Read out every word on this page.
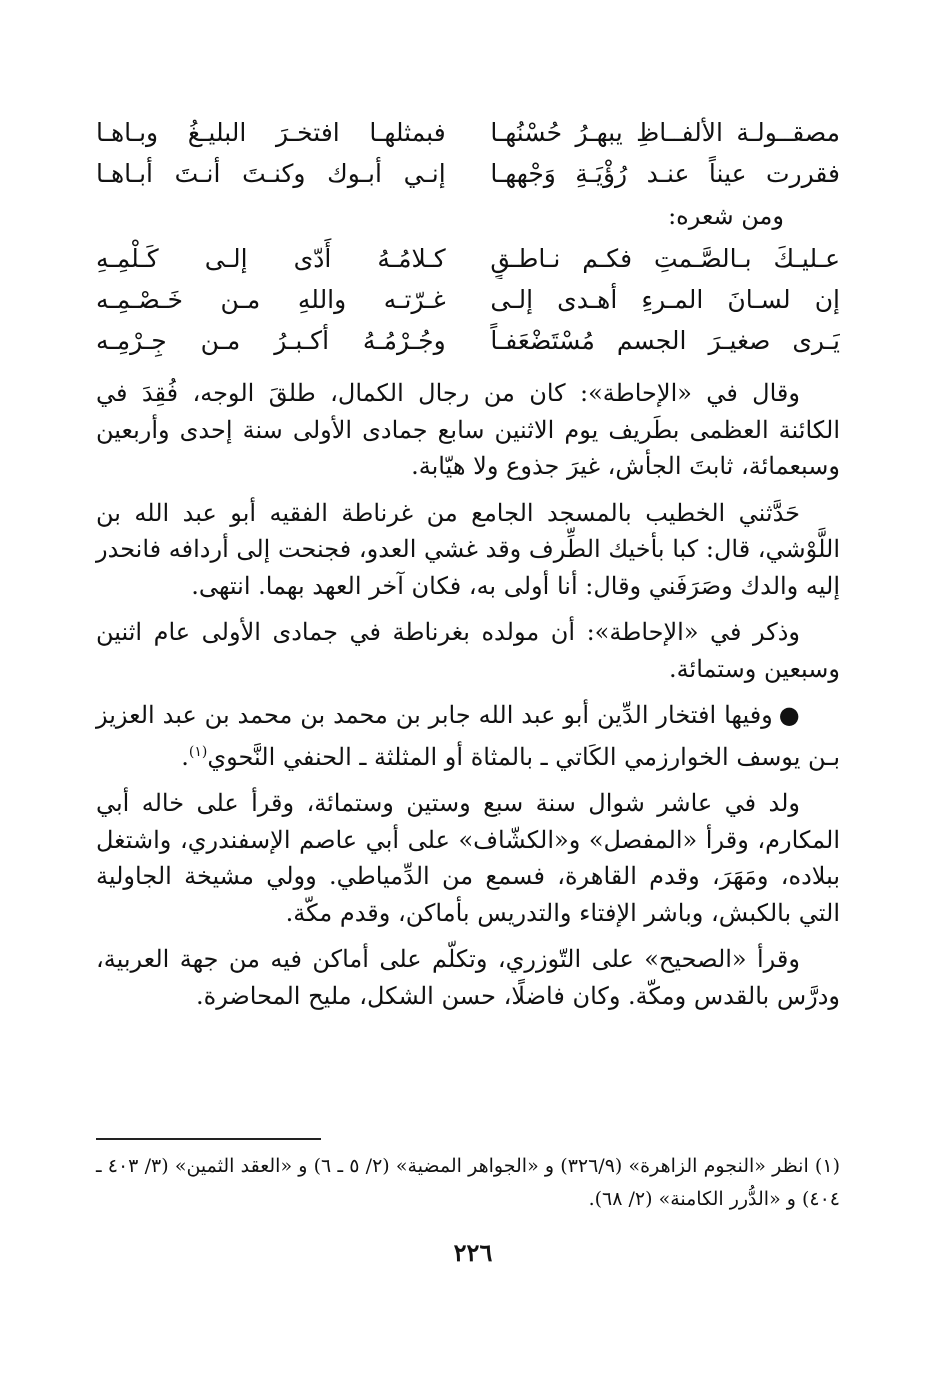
مصقــولـة الألفــاظِ يبهـرُ حُسْنُهـا
فبمثلهـا افتخـرَ البليـغُ وبـاهـا
فقررت عيناً عنـد رُؤْيَـةِ وَجْههـا
إنـي أبـوك وكنـتَ أنـتَ أبـاهـا
ومن شعره:
عـليـكَ بـالصَّـمتِ فكـم نـاطـقٍ
كـلامُـهُ أَدّى إلـى كَـلْمِـهِ
إن لسـانَ المـرءِ أهـدى إلـى
غـرّتـه واللهِ مـن خَـصْـمِـه
يَـرى صغيـرَ الجسم مُسْتَضْعَفـاً
وجُـرْمُـهُ أكـبـرُ مـن جِـرْمِـه

وقال في «الإحاطة»: كان من رجال الكمال، طلقَ الوجه، فُقِدَ في الكائنة العظمى بطَريف يوم الاثنين سابع جمادى الأولى سنة إحدى وأربعين وسبعمائة، ثابتَ الجأش، غيرَ جذوع ولا هيّابة.

حَدَّثني الخطيب بالمسجد الجامع من غرناطة الفقيه أبو عبد الله بن اللَّوْشي، قال: كبا بأخيك الطِّرف وقد غشي العدو، فجنحت إلى أردافه فانحدر إليه والدك وصَرَفَني وقال: أنا أولى به، فكان آخر العهد بهما. انتهى.

وذكر في «الإحاطة»: أن مولده بغرناطة في جمادى الأولى عام اثنين وسبعين وستمائة.

●وفيها افتخار الدِّين أبو عبد الله جابر بن محمد بن محمد بن عبد العزيز بـن يوسف الخوارزمي الكَاتي ـ بالمثاة أو المثلثة ـ الحنفي النَّحوي$^{(١)}$.

ولد في عاشر شوال سنة سبع وستين وستمائة، وقرأ على خاله أبي المكارم، وقرأ «المفصل» و«الكشّاف» على أبي عاصم الإسفندري، واشتغل ببلاده، ومَهَرَ، وقدم القاهرة، فسمع من الدِّمياطي. وولي مشيخة الجاولية التي بالكبش، وباشر الإفتاء والتدريس بأماكن، وقدم مكّة.

وقرأ «الصحيح» على التّوزري، وتكلّم على أماكن فيه من جهة العربية، ودرَّس بالقدس ومكّة. وكان فاضلًا، حسن الشكل، مليح المحاضرة.

(١) انظر «النجوم الزاهرة» (٣٢٦/٩) و «الجواهر المضية» (٢/ ٥ ـ ٦) و «العقد الثمين» (٣/ ٤٠٣ ـ ٤٠٤) و «الدُّرر الكامنة» (٢/ ٦٨).
٢٢٦
